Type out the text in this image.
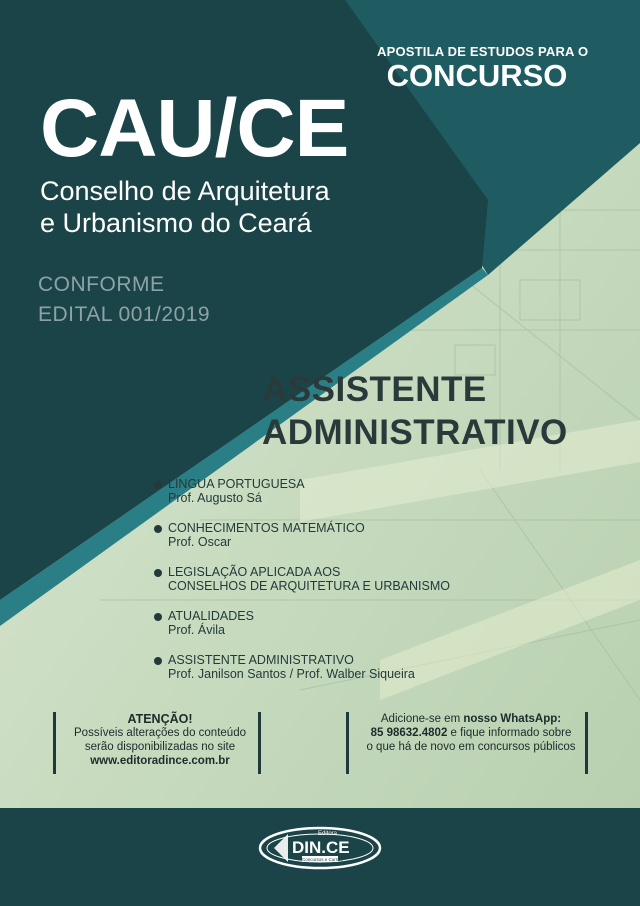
APOSTILA DE ESTUDOS PARA O

CONCURSO

CAU/CE

Conselho de Arquitetura

e Urbanismo do Ceará

CONFORME

EDITAL 001/2019

ASSISTENTE

ADMINISTRATIVO

LÍNGUA PORTUGUESA
Prof. Augusto Sá
CONHECIMENTOS MATEMÁTICO
Prof. Oscar
LEGISLAÇÃO APLICADA AOS
CONSELHOS DE ARQUITETURA E URBANISMO
ATUALIDADES
Prof. Ávila
ASSISTENTE ADMINISTRATIVO
Prof. Janilson Santos / Prof. Walber Siqueira
ATENÇÃO!
Possíveis alterações do conteúdo
serão disponibilizadas no site
www.editoradince.com.br
Adicione-se em nosso WhatsApp:
85 98632.4802 e fique informado sobre
o que há de novo em concursos públicos
Editora
DIN.CE
Concursos e Cursos
